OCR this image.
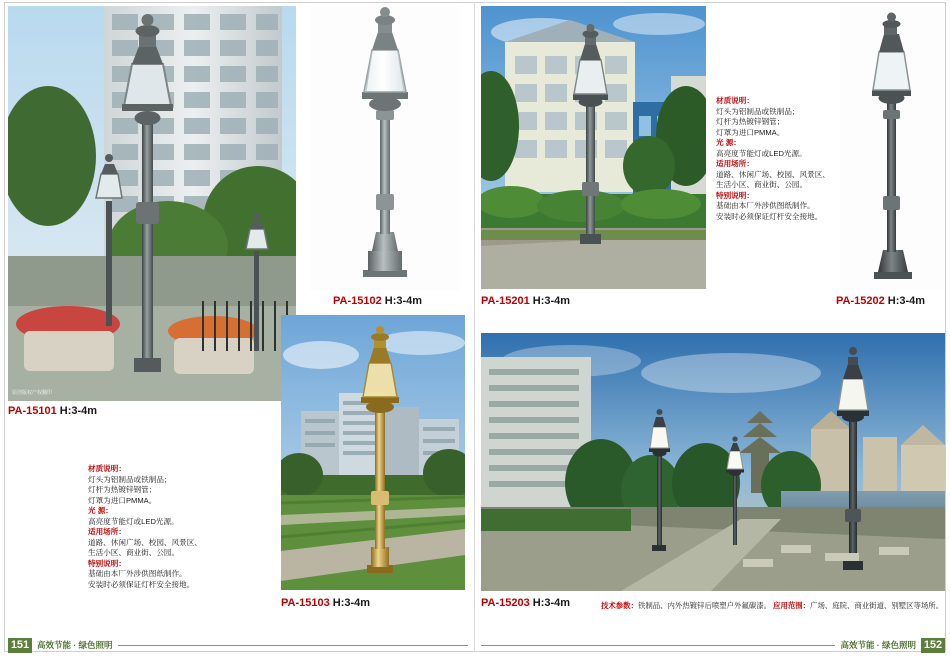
原创版权产权翻印
PA-15101 H:3-4m
PA-15102 H:3-4m
PA-15103 H:3-4m
材质说明：
灯头为铝制品或铁制品；
灯杆为热镀锌钢管；
灯罩为进口PMMA。
光 源：
高亮度节能灯或LED光源。
适用场所：
道路、休闲广场、校园、风景区、
生活小区、商业街、公园。
特别说明：
基础由本厂外涉供图纸制作。
安装时必须保证灯杆安全接地。
PA-15201 H:3-4m
材质说明：
灯头为铝制品或铁制品；
灯杆为热镀锌钢管；
灯罩为进口PMMA。
光 源：
高亮度节能灯或LED光源。
适用场所：
道路、休闲广场、校园、风景区、
生活小区、商业街、公园。
特别说明：
基础由本厂外涉供图纸制作。
安装时必须保证灯杆安全接地。
PA-15202 H:3-4m
PA-15203 H:3-4m	技术参数：铁制品、内外热镀锌后喷塑户外氟碳漆。 应用范围：广场、庭院、商业街道、别墅区等场所。
151 高效节能 · 绿色照明	高效节能 · 绿色照明 152
